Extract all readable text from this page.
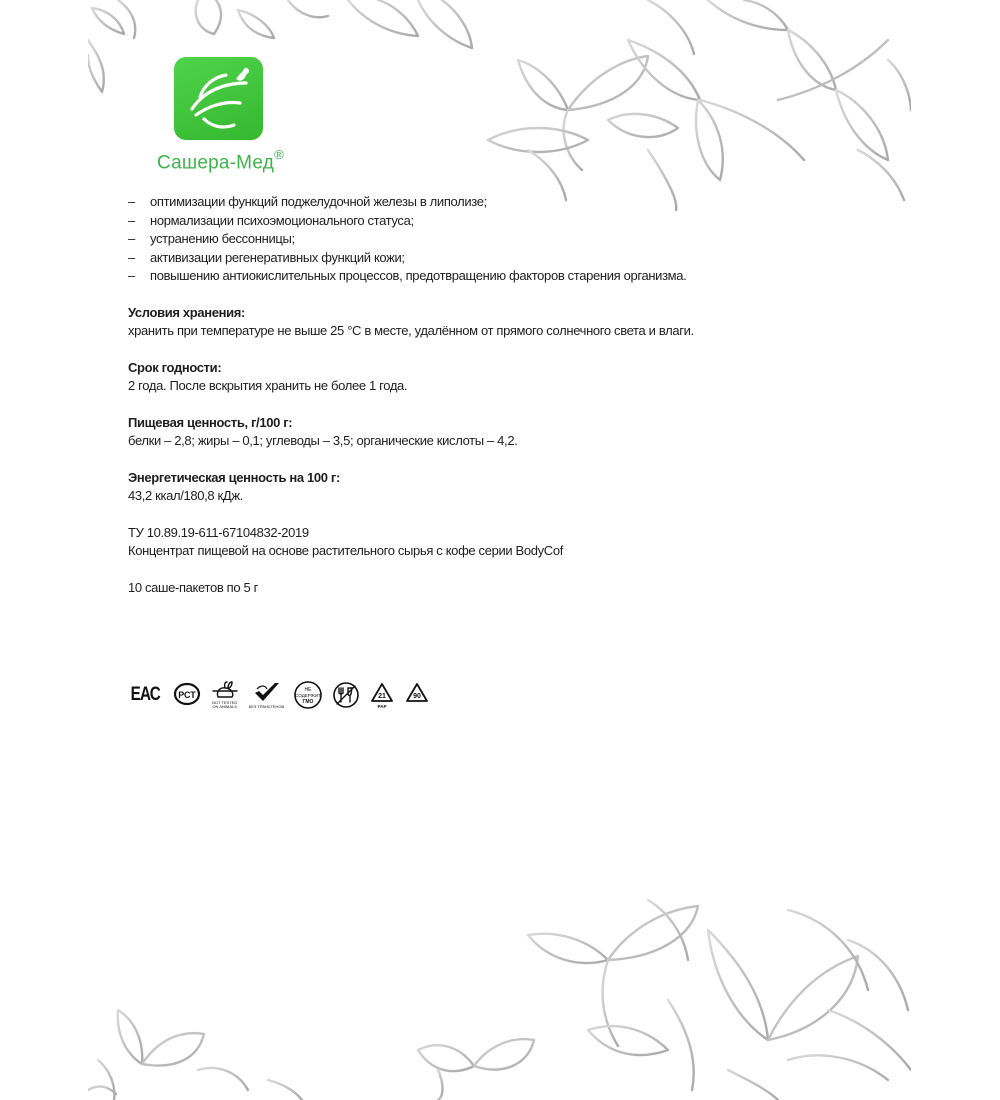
Сашера-Мед®
– оптимизации функций поджелудочной железы в липолизе;
– нормализации психоэмоционального статуса;
– устранению бессонницы;
– активизации регенеративных функций кожи;
– повышению антиокислительных процессов, предотвращению факторов старения организма.
Условия хранения:
хранить при температуре не выше 25 °С в месте, удалённом от прямого солнечного света и влаги.
Срок годности:
2 года. После вскрытия хранить не более 1 года.
Пищевая ценность, г/100 г:
белки – 2,8; жиры – 0,1; углеводы – 3,5; органические кислоты – 4,2.
Энергетическая ценность на 100 г:
43,2 ккал/180,8 кДж.
ТУ 10.89.19-611-67104832-2019
Концентрат пищевой на основе растительного сырья с кофе серии BodyCof
10 саше-пакетов по 5 г
ЕАС РСТ
NOT TESTED
ON ANIMALS	БЕЗ ТРАНСГЕНОВ
НЕ
СОДЕРЖИТ
ГМО
21
PAP
90
